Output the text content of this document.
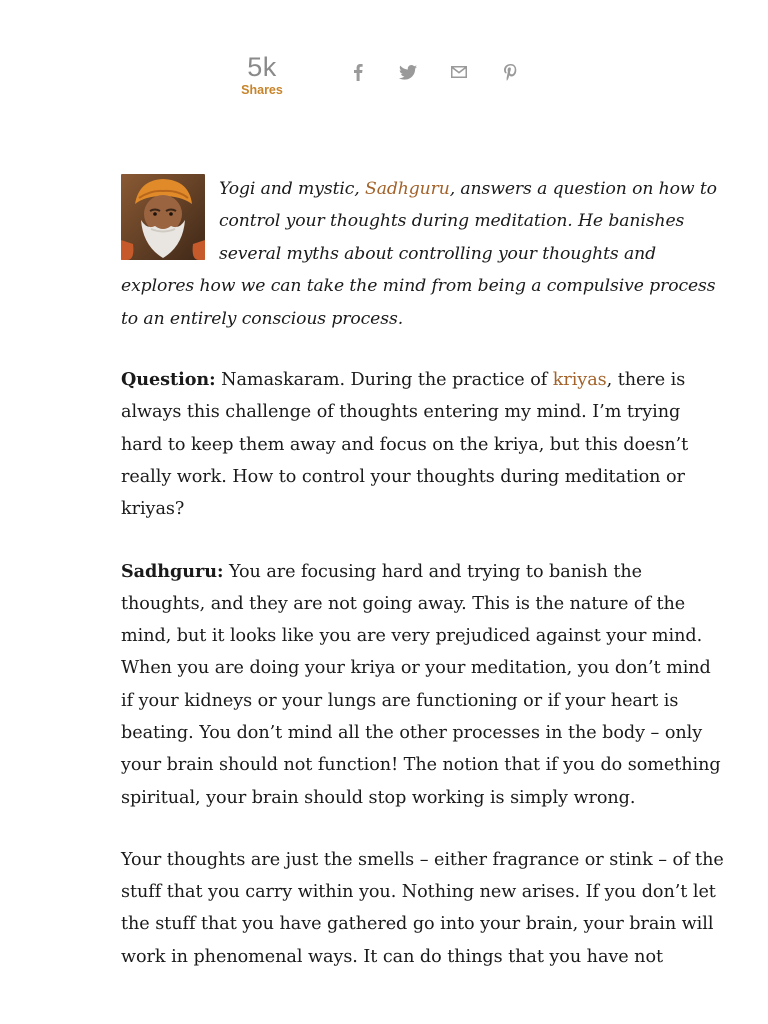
5k
Shares

Yogi and mystic, Sadhguru, answers a question on how to control your thoughts during meditation. He banishes several myths about controlling your thoughts and explores how we can take the mind from being a compulsive process to an entirely conscious process.

Question: Namaskaram. During the practice of kriyas, there is always this challenge of thoughts entering my mind. I’m trying hard to keep them away and focus on the kriya, but this doesn’t really work. How to control your thoughts during meditation or kriyas?

Sadhguru: You are focusing hard and trying to banish the thoughts, and they are not going away. This is the nature of the mind, but it looks like you are very prejudiced against your mind. When you are doing your kriya or your meditation, you don’t mind if your kidneys or your lungs are functioning or if your heart is beating. You don’t mind all the other processes in the body – only your brain should not function! The notion that if you do something spiritual, your brain should stop working is simply wrong.

Your thoughts are just the smells – either fragrance or stink – of the stuff that you carry within you. Nothing new arises. If you don’t let the stuff that you have gathered go into your brain, your brain will work in phenomenal ways. It can do things that you have not
